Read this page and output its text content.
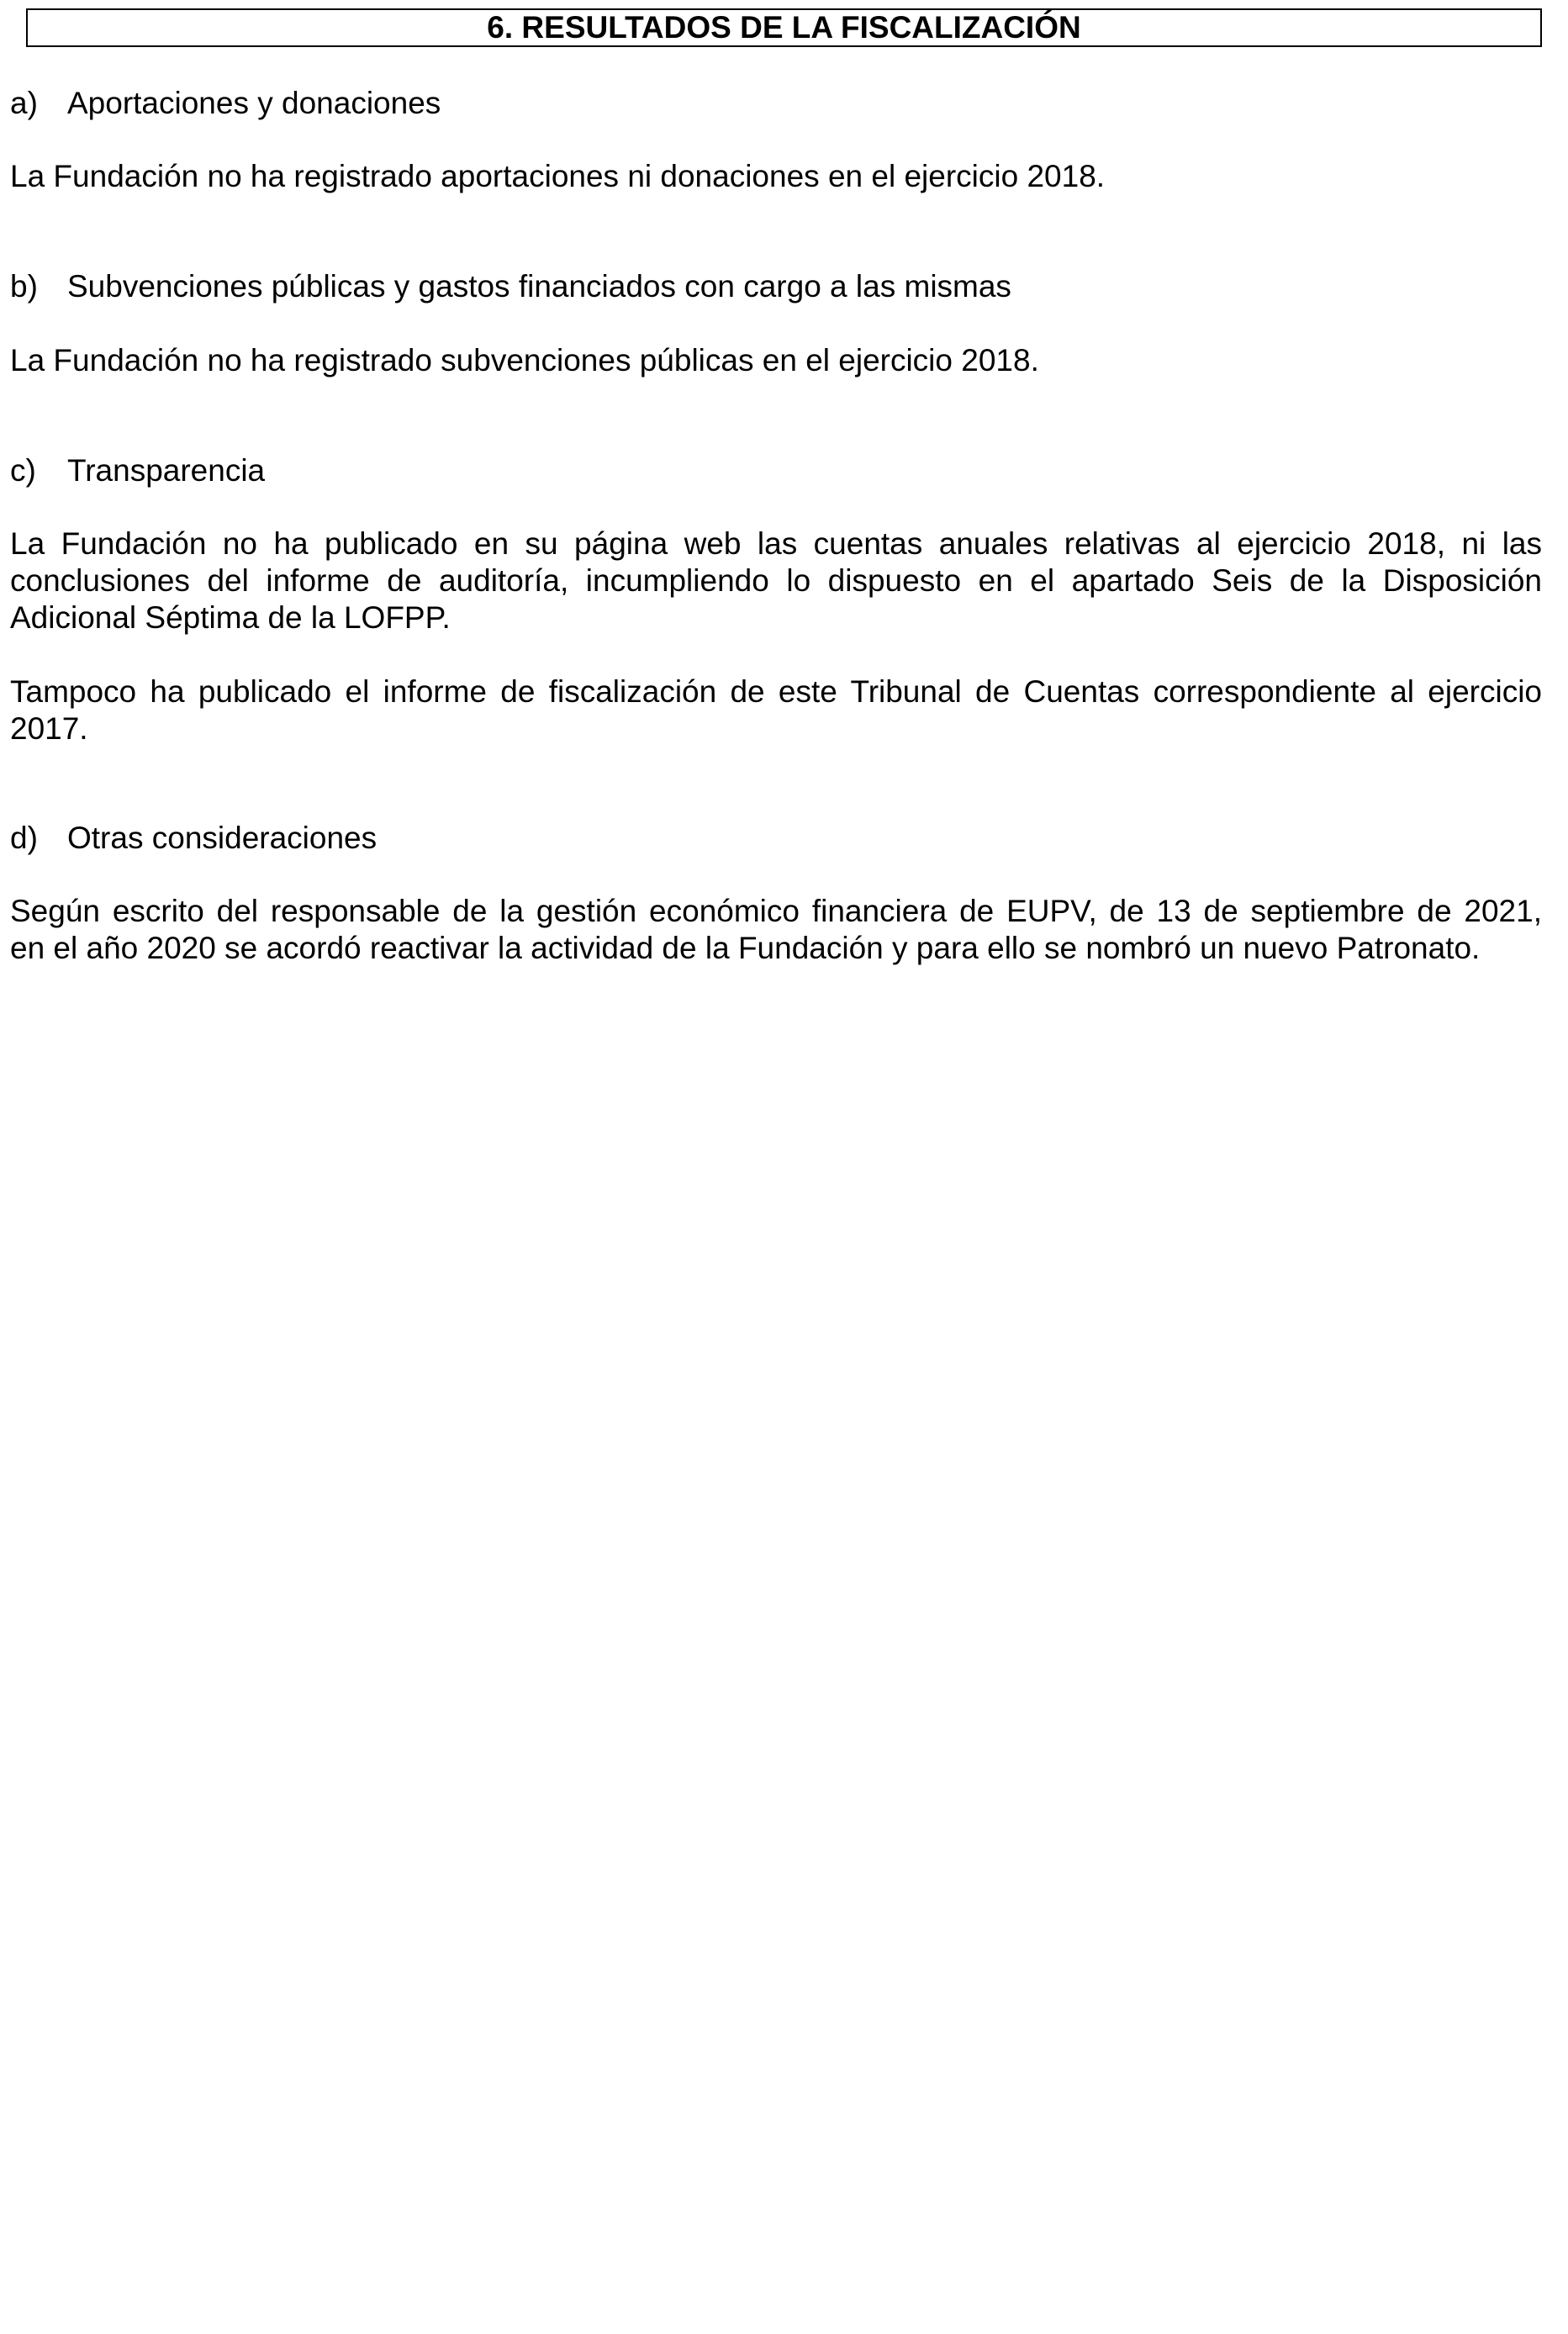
6. RESULTADOS DE LA FISCALIZACIÓN
a) Aportaciones y donaciones
La Fundación no ha registrado aportaciones ni donaciones en el ejercicio 2018.
b) Subvenciones públicas y gastos financiados con cargo a las mismas
La Fundación no ha registrado subvenciones públicas en el ejercicio 2018.
c) Transparencia
La Fundación no ha publicado en su página web las cuentas anuales relativas al ejercicio 2018, ni las
conclusiones del informe de auditoría, incumpliendo lo dispuesto en el apartado Seis de la Disposición
Adicional Séptima de la LOFPP.
Tampoco ha publicado el informe de fiscalización de este Tribunal de Cuentas correspondiente al ejercicio
2017.
d) Otras consideraciones
Según escrito del responsable de la gestión económico financiera de EUPV, de 13 de septiembre de 2021,
en el año 2020 se acordó reactivar la actividad de la Fundación y para ello se nombró un nuevo Patronato.
